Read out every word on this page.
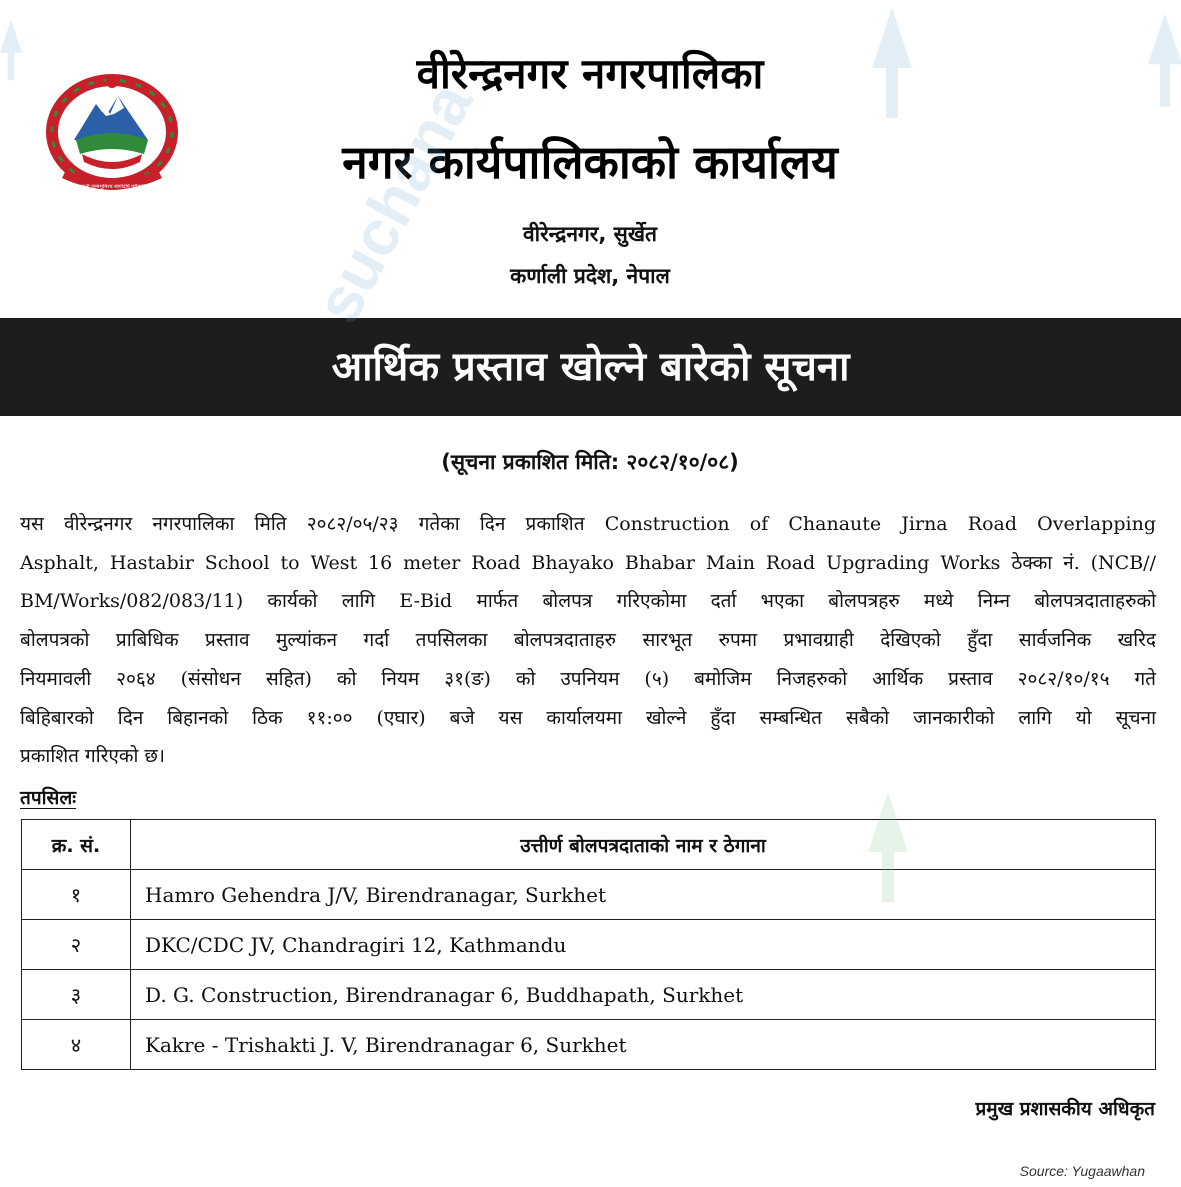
जननी जन्मभूमिश्च स्वर्गादपि गरीयसी
वीरेन्द्रनगर नगरपालिका
नगर कार्यपालिकाको कार्यालय
वीरेन्द्रनगर, सुर्खेत
कर्णाली प्रदेश, नेपाल
आर्थिक प्रस्ताव खोल्ने बारेको सूचना
(सूचना प्रकाशित मिति: २०८२/१०/०८)
यस वीरेन्द्रनगर नगरपालिका मिति २०८२/०५/२३ गतेका दिन प्रकाशित Construction of Chanaute Jirna Road Overlapping
Asphalt, Hastabir School to West 16 meter Road Bhayako Bhabar Main Road Upgrading Works ठेक्का नं. (NCB//
BM/Works/082/083/11) कार्यको लागि E-Bid मार्फत बोलपत्र गरिएकोमा दर्ता भएका बोलपत्रहरु मध्ये निम्न बोलपत्रदाताहरुको
बोलपत्रको प्राबिधिक प्रस्ताव मुल्यांकन गर्दा तपसिलका बोलपत्रदाताहरु सारभूत रुपमा प्रभावग्राही देखिएको हुँदा सार्वजनिक खरिद
नियमावली २०६४ (संसोधन सहित) को नियम ३१(ङ) को उपनियम (५) बमोजिम निजहरुको आर्थिक प्रस्ताव २०८२/१०/१५ गते
बिहिबारको दिन बिहानको ठिक ११:०० (एघार) बजे यस कार्यालयमा खोल्ने हुँदा सम्बन्धित सबैको जानकारीको लागि यो सूचना
प्रकाशित गरिएको छ।
तपसिलः
क्र. सं.	उत्तीर्ण बोलपत्रदाताको नाम र ठेगाना
१	Hamro Gehendra J/V, Birendranagar, Surkhet
२	DKC/CDC JV, Chandragiri 12, Kathmandu
३	D. G. Construction, Birendranagar 6, Buddhapath, Surkhet
४	Kakre - Trishakti J. V, Birendranagar 6, Surkhet
प्रमुख प्रशासकीय अधिकृत
Source: Yugaawhan
suchana
